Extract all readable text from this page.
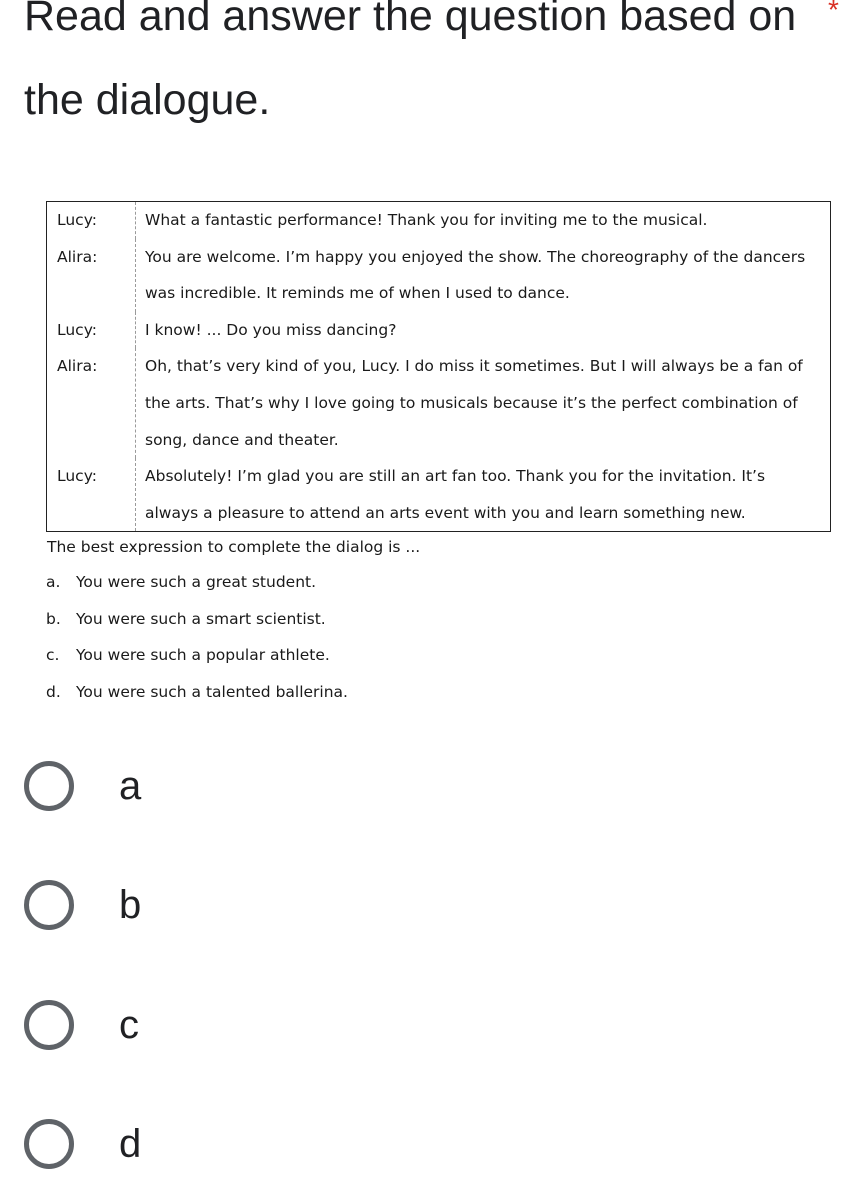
Read and answer the question based on the dialogue.
*
Lucy:	What a fantastic performance! Thank you for inviting me to the musical.

Alira:	You are welcome. I’m happy you enjoyed the show. The choreography of the dancers
was incredible. It reminds me of when I used to dance.

Lucy:	I know! ... Do you miss dancing?

Alira:	Oh, that’s very kind of you, Lucy. I do miss it sometimes. But I will always be a fan of
the arts. That’s why I love going to musicals because it’s the perfect combination of
song, dance and theater.

Lucy:	Absolutely! I’m glad you are still an art fan too. Thank you for the invitation. It’s
always a pleasure to attend an arts event with you and learn something new.
The best expression to complete the dialog is ...
a.	You were such a great student.
b. You were such a smart scientist.
c.	You were such a popular athlete.
d. You were such a talented ballerina.
a
b
c
d
